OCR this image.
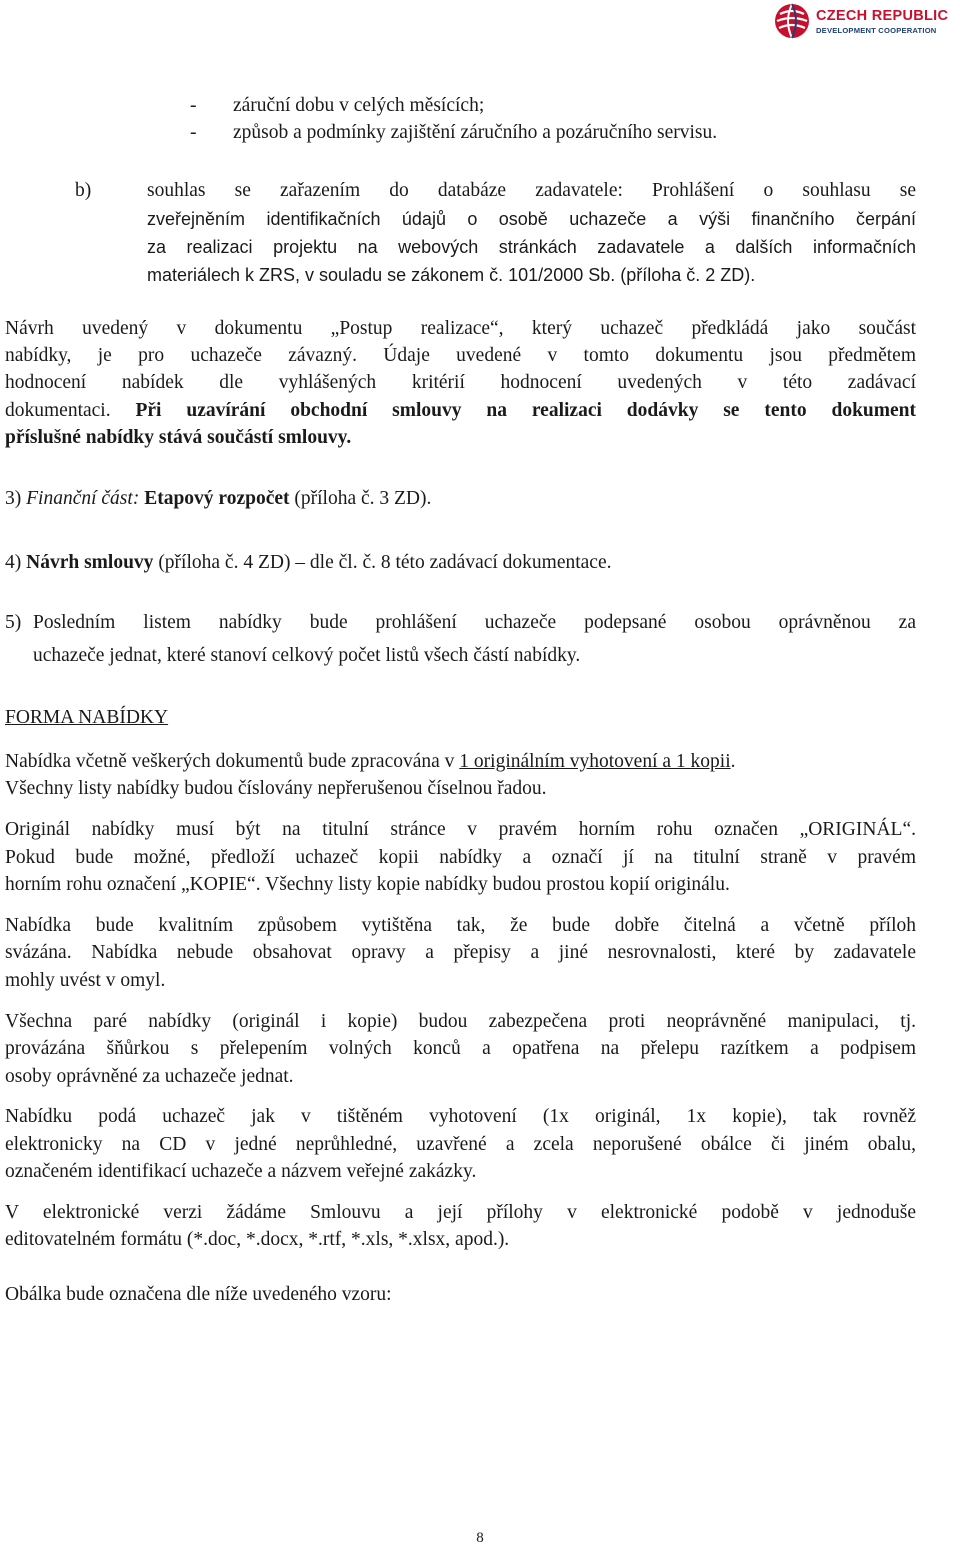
CZECH REPUBLIC
DEVELOPMENT COOPERATION
- záruční dobu v celých měsících;
- způsob a podmínky zajištění záručního a pozáručního servisu.
b)	souhlas se zařazením do databáze zadavatele: Prohlášení o souhlasu se
zveřejněním identifikačních údajů o osobě uchazeče a výši finančního čerpání
za realizaci projektu na webových stránkách zadavatele a dalších informačních
materiálech k ZRS, v souladu se zákonem č. 101/2000 Sb. (příloha č. 2 ZD).
Návrh uvedený v dokumentu „Postup realizace“, který uchazeč předkládá jako součást
nabídky, je pro uchazeče závazný. Údaje uvedené v tomto dokumentu jsou předmětem
hodnocení nabídek dle vyhlášených kritérií hodnocení uvedených v této zadávací
dokumentaci. Při uzavírání obchodní smlouvy na realizaci dodávky se tento dokument
příslušné nabídky stává součástí smlouvy.
3) Finanční část: Etapový rozpočet (příloha č. 3 ZD).
4) Návrh smlouvy (příloha č. 4 ZD) – dle čl. č. 8 této zadávací dokumentace.
5) Posledním listem nabídky bude prohlášení uchazeče podepsané osobou oprávněnou za
uchazeče jednat, které stanoví celkový počet listů všech částí nabídky.
FORMA NABÍDKY
Nabídka včetně veškerých dokumentů bude zpracována v 1 originálním vyhotovení a 1 kopii.
Všechny listy nabídky budou číslovány nepřerušenou číselnou řadou.
Originál nabídky musí být na titulní stránce v pravém horním rohu označen „ORIGINÁL“.
Pokud bude možné, předloží uchazeč kopii nabídky a označí jí na titulní straně v pravém
horním rohu označení „KOPIE“. Všechny listy kopie nabídky budou prostou kopií originálu.
Nabídka bude kvalitním způsobem vytištěna tak, že bude dobře čitelná a včetně příloh
svázána. Nabídka nebude obsahovat opravy a přepisy a jiné nesrovnalosti, které by zadavatele
mohly uvést v omyl.
Všechna paré nabídky (originál i kopie) budou zabezpečena proti neoprávněné manipulaci, tj.
provázána šňůrkou s přelepením volných konců a opatřena na přelepu razítkem a podpisem
osoby oprávněné za uchazeče jednat.
Nabídku podá uchazeč jak v tištěném vyhotovení (1x originál, 1x kopie), tak rovněž
elektronicky na CD v jedné neprůhledné, uzavřené a zcela neporušené obálce či jiném obalu,
označeném identifikací uchazeče a názvem veřejné zakázky.
V elektronické verzi žádáme Smlouvu a její přílohy v elektronické podobě v jednoduše
editovatelném formátu (*.doc, *.docx, *.rtf, *.xls, *.xlsx, apod.).
Obálka bude označena dle níže uvedeného vzoru:
8
